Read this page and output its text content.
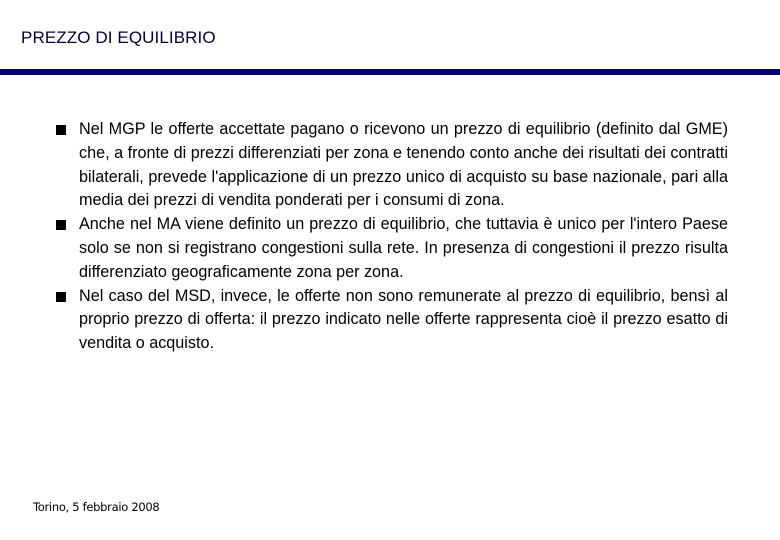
PREZZO DI EQUILIBRIO
Nel MGP le offerte accettate pagano o ricevono un prezzo di equilibrio (definito dal GME) che, a fronte di prezzi differenziati per zona e tenendo conto anche dei risultati dei contratti bilaterali, prevede l'applicazione di un prezzo unico di acquisto su base nazionale, pari alla media dei prezzi di vendita ponderati per i consumi di zona.
Anche nel MA viene definito un prezzo di equilibrio, che tuttavia è unico per l'intero Paese solo se non si registrano congestioni sulla rete. In presenza di congestioni il prezzo risulta differenziato geograficamente zona per zona.
Nel caso del MSD, invece, le offerte non sono remunerate al prezzo di equilibrio, bensì al proprio prezzo di offerta: il prezzo indicato nelle offerte rappresenta cioè il prezzo esatto di vendita o acquisto.
Torino, 5 febbraio 2008
